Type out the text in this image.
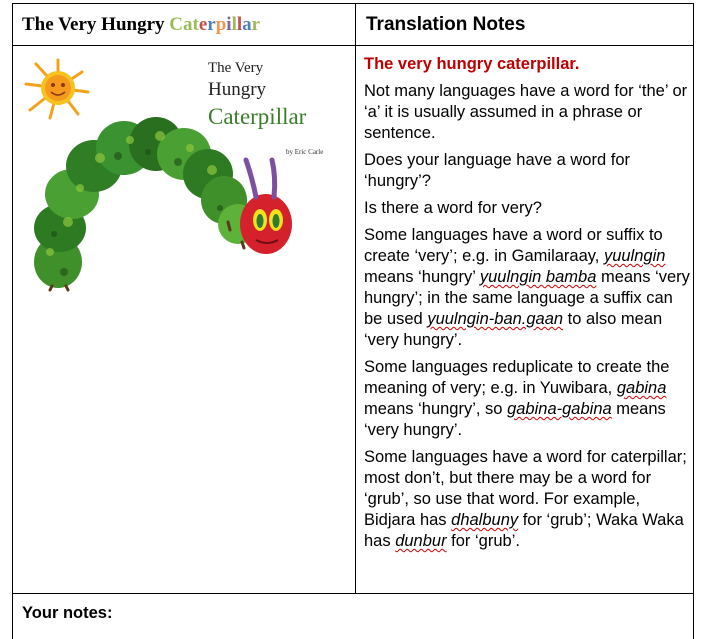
The Very Hungry Caterpillar	Translation Notes
The Very
Hungry
Caterpillar
by Eric Carle

The very hungry caterpillar.

Not many languages have a word for ‘the’ or ‘a’ it is usually assumed in a phrase or sentence.

Does your language have a word for ‘hungry’?

Is there a word for very?

Some languages have a word or suffix to create ‘very’; e.g. in Gamilaraay, yuulngin means ‘hungry’ yuulngin bamba means ‘very hungry’; in the same language a suffix can be used yuulngin-ban.gaan to also mean ‘very hungry’.

Some languages reduplicate to create the meaning of very; e.g. in Yuwibara, gabina means ‘hungry’, so gabina-gabina means ‘very hungry’.

Some languages have a word for caterpillar; most don’t, but there may be a word for ‘grub’, so use that word. For example, Bidjara has dhalbuny for ‘grub’; Waka Waka has dunbur for ‘grub’.

Your notes:
